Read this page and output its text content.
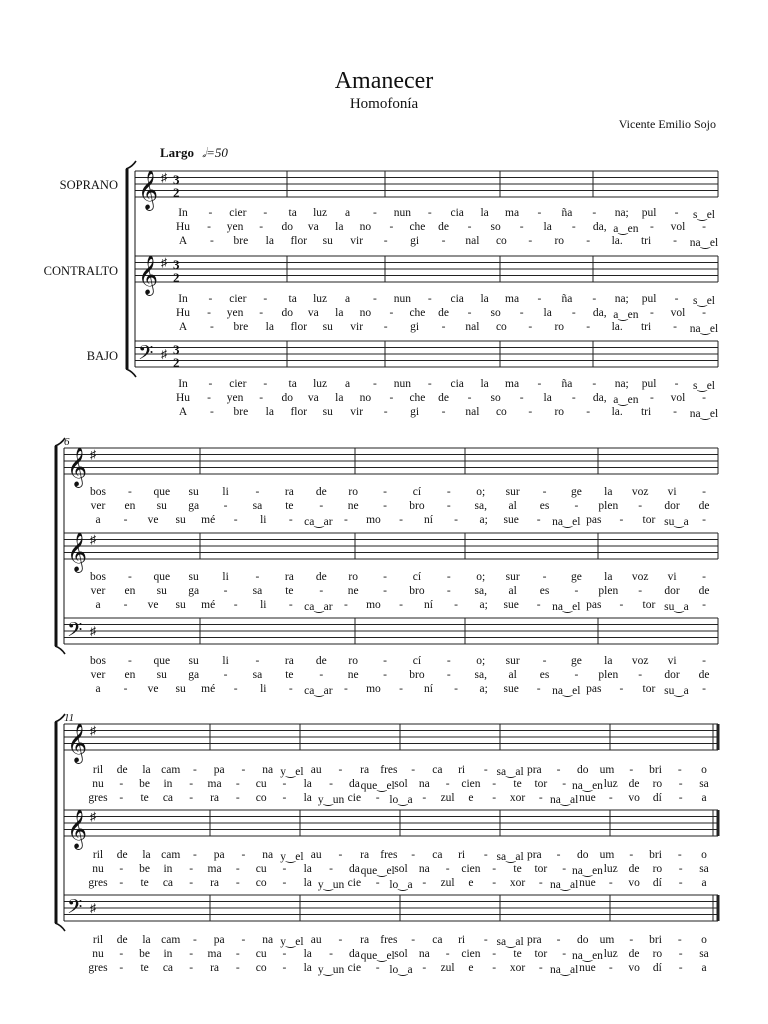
Amanecer
Homofonía
Vicente Emilio Sojo
Largo 𝅗𝅥=50
SOPRANO
CONTRALTO
BAJO
6
11
𝄞 ♯ 3
2
𝄞 ♯ 3
2
𝄢 ♯ 3
2
𝄞 ♯
𝄞 ♯
𝄢 ♯
𝄞 ♯
𝄞 ♯
𝄢 ♯
In - cier - ta luz a - nun - cia la ma - ña - na; pul - s‿el
Hu - yen - do va la no - che de - so - la - da, a‿en - vol -
A - bre la flor su vir - gi - nal co - ro - la. tri - na‿el
In - cier - ta luz a - nun - cia la ma - ña - na; pul - s‿el
Hu - yen - do va la no - che de - so - la - da, a‿en - vol -
A - bre la flor su vir - gi - nal co - ro - la. tri - na‿el
In - cier - ta luz a - nun - cia la ma - ña - na; pul - s‿el
Hu - yen - do va la no - che de - so - la - da, a‿en - vol -
A - bre la flor su vir - gi - nal co - ro - la. tri - na‿el
bos - que su li - ra de ro - cí - o; sur - ge la voz vi -
ver en su ga - sa te - ne - bro - sa, al es - plen - dor de
a - ve su mé - li - ca‿ar - mo - ní - a; sue - na‿el pas - tor su‿a -
bos - que su li - ra de ro - cí - o; sur - ge la voz vi -
ver en su ga - sa te - ne - bro - sa, al es - plen - dor de
a - ve su mé - li - ca‿ar - mo - ní - a; sue - na‿el pas - tor su‿a -
bos - que su li - ra de ro - cí - o; sur - ge la voz vi -
ver en su ga - sa te - ne - bro - sa, al es - plen - dor de
a - ve su mé - li - ca‿ar - mo - ní - a; sue - na‿el pas - tor su‿a -
ril de la cam - pa - na y‿el au - ra fres - ca ri - sa‿al pra - do um - bri - o
nu - be in - ma - cu - la - da que‿el sol na - cien - te tor - na‿en luz de ro - sa
gres - te ca - ra - co - la y‿un cie - lo‿a - zul e - xor - na‿al nue - vo dí - a
ril de la cam - pa - na y‿el au - ra fres - ca ri - sa‿al pra - do um - bri - o
nu - be in - ma - cu - la - da que‿el sol na - cien - te tor - na‿en luz de ro - sa
gres - te ca - ra - co - la y‿un cie - lo‿a - zul e - xor - na‿al nue - vo dí - a
ril de la cam - pa - na y‿el au - ra fres - ca ri - sa‿al pra - do um - bri - o
nu - be in - ma - cu - la - da que‿el sol na - cien - te tor - na‿en luz de ro - sa
gres - te ca - ra - co - la y‿un cie - lo‿a - zul e - xor - na‿al nue - vo dí - a
